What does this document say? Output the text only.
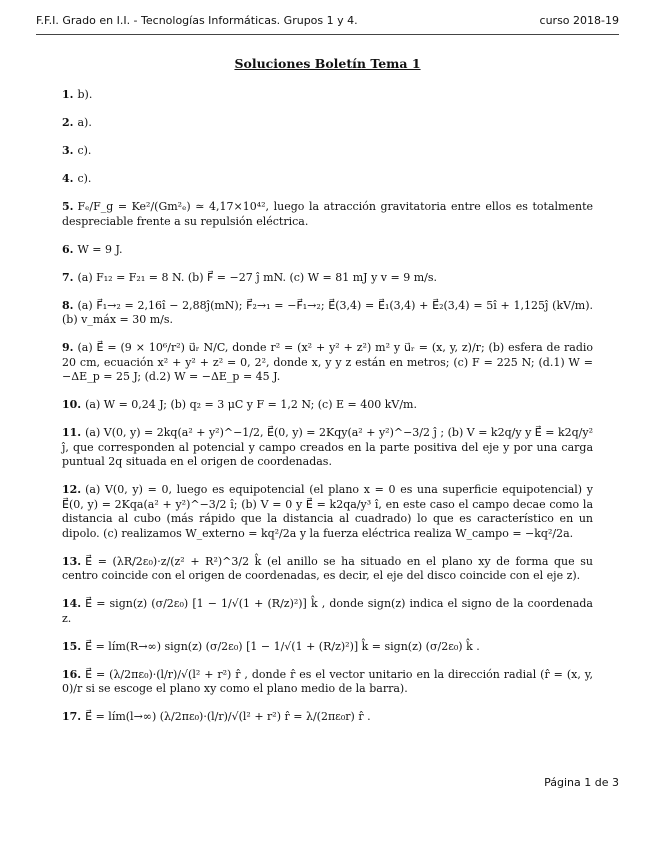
F.F.I. Grado en I.I. - Tecnologías Informáticas. Grupos 1 y 4.	curso 2018-19
Soluciones Boletín Tema 1

1. b).

2. a).

3. c).

4. c).

5. Fₑ/F_g = Ke²/(Gm²ₑ) ≃ 4,17×10⁴², luego la atracción gravitatoria entre ellos es totalmente despreciable frente a su repulsión eléctrica.

6. W = 9 J.

7. (a) F₁₂ = F₂₁ = 8 N. (b) F⃗ = −27 ĵ mN. (c) W = 81 mJ y v = 9 m/s.

8. (a) F⃗₁→₂ = 2,16î − 2,88ĵ(mN); F⃗₂→₁ = −F⃗₁→₂; E⃗(3,4) = E⃗₁(3,4) + E⃗₂(3,4) = 5î + 1,125ĵ (kV/m). (b) v_máx = 30 m/s.

9. (a) E⃗ = (9 × 10⁶/r²) u⃗ᵣ N/C, donde r² = (x² + y² + z²) m² y u⃗ᵣ = (x, y, z)/r; (b) esfera de radio 20 cm, ecuación x² + y² + z² = 0, 2², donde x, y y z están en metros; (c) F = 225 N; (d.1) W = −ΔE_p = 25 J; (d.2) W = −ΔE_p = 45 J.

10. (a) W = 0,24 J; (b) q₂ = 3 μC y F = 1,2 N; (c) E = 400 kV/m.

11. (a) V(0, y) = 2kq(a² + y²)^−1/2, E⃗(0, y) = 2Kqy(a² + y²)^−3/2 ĵ ; (b) V = k2q/y y E⃗ = k2q/y² ĵ, que corresponden al potencial y campo creados en la parte positiva del eje y por una carga puntual 2q situada en el origen de coordenadas.

12. (a) V(0, y) = 0, luego es equipotencial (el plano x = 0 es una superficie equipotencial) y E⃗(0, y) = 2Kqa(a² + y²)^−3/2 î; (b) V = 0 y E⃗ = k2qa/y³ î, en este caso el campo decae como la distancia al cubo (más rápido que la distancia al cuadrado) lo que es característico en un dipolo. (c) realizamos W_externo = kq²/2a y la fuerza eléctrica realiza W_campo = −kq²/2a.

13. E⃗ = (λR/2ε₀)·z/(z² + R²)^3/2 k̂ (el anillo se ha situado en el plano xy de forma que su centro coincide con el origen de coordenadas, es decir, el eje del disco coincide con el eje z).

14. E⃗ = sign(z) (σ/2ε₀) [1 − 1/√(1 + (R/z)²)] k̂ , donde sign(z) indica el signo de la coordenada z.

15. E⃗ = lím(R→∞) sign(z) (σ/2ε₀) [1 − 1/√(1 + (R/z)²)] k̂ = sign(z) (σ/2ε₀) k̂ .

16. E⃗ = (λ/2πε₀)·(l/r)/√(l² + r²) r̂ , donde r̂ es el vector unitario en la dirección radial (r̂ = (x, y, 0)/r si se escoge el plano xy como el plano medio de la barra).

17. E⃗ = lím(l→∞) (λ/2πε₀)·(l/r)/√(l² + r²) r̂ = λ/(2πε₀r) r̂ .

Página 1 de 3
